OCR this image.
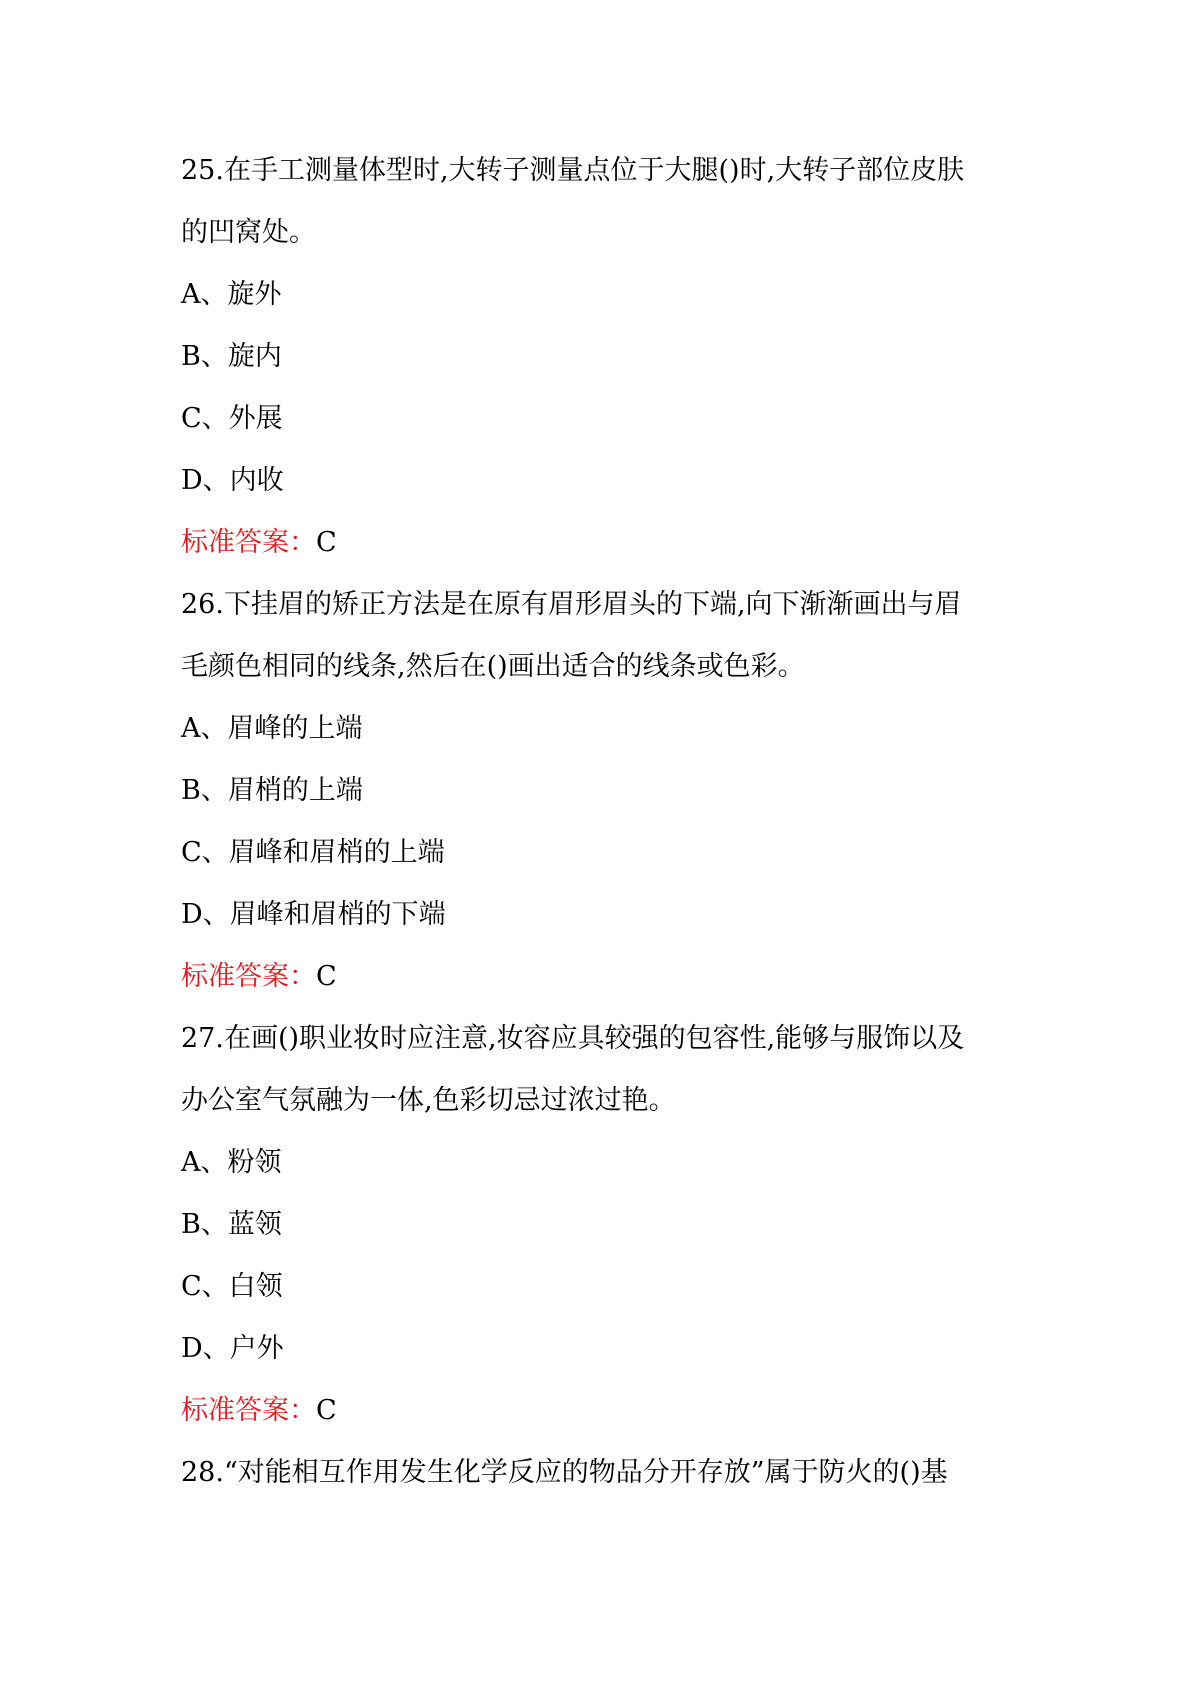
25.在手工测量体型时,大转子测量点位于大腿()时,大转子部位皮肤
的凹窝处。
A、旋外
B、旋内
C、外展
D、内收
标准答案：C
26.下挂眉的矫正方法是在原有眉形眉头的下端,向下渐渐画出与眉
毛颜色相同的线条,然后在()画出适合的线条或色彩。
A、眉峰的上端
B、眉梢的上端
C、眉峰和眉梢的上端
D、眉峰和眉梢的下端
标准答案：C
27.在画()职业妆时应注意,妆容应具较强的包容性,能够与服饰以及
办公室气氛融为一体,色彩切忌过浓过艳。
A、粉领
B、蓝领
C、白领
D、户外
标准答案：C
28.“对能相互作用发生化学反应的物品分开存放”属于防火的()基
